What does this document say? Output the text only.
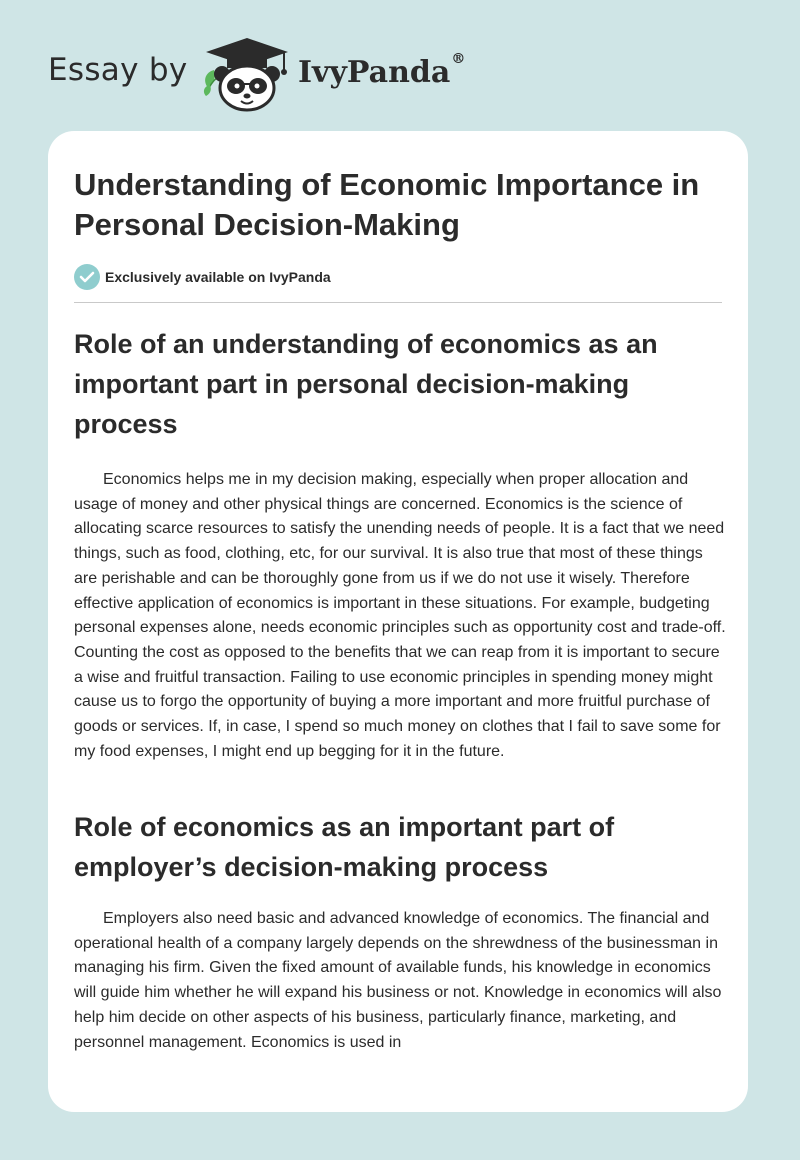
Essay by	IvyPanda®
Understanding of Economic Importance in Personal Decision-Making
Exclusively available on IvyPanda
Role of an understanding of economics as an important part in personal decision-making process

Economics helps me in my decision making, especially when proper allocation and usage of money and other physical things are concerned. Economics is the science of allocating scarce resources to satisfy the unending needs of people. It is a fact that we need things, such as food, clothing, etc, for our survival. It is also true that most of these things are perishable and can be thoroughly gone from us if we do not use it wisely. Therefore effective application of economics is important in these situations. For example, budgeting personal expenses alone, needs economic principles such as opportunity cost and trade-off. Counting the cost as opposed to the benefits that we can reap from it is important to secure a wise and fruitful transaction. Failing to use economic principles in spending money might cause us to forgo the opportunity of buying a more important and more fruitful purchase of goods or services. If, in case, I spend so much money on clothes that I fail to save some for my food expenses, I might end up begging for it in the future.

Role of economics as an important part of employer’s decision-making process

Employers also need basic and advanced knowledge of economics. The financial and operational health of a company largely depends on the shrewdness of the businessman in managing his firm. Given the fixed amount of available funds, his knowledge in economics will guide him whether he will expand his business or not. Knowledge in economics will also help him decide on other aspects of his business, particularly finance, marketing, and personnel management. Economics is used in
